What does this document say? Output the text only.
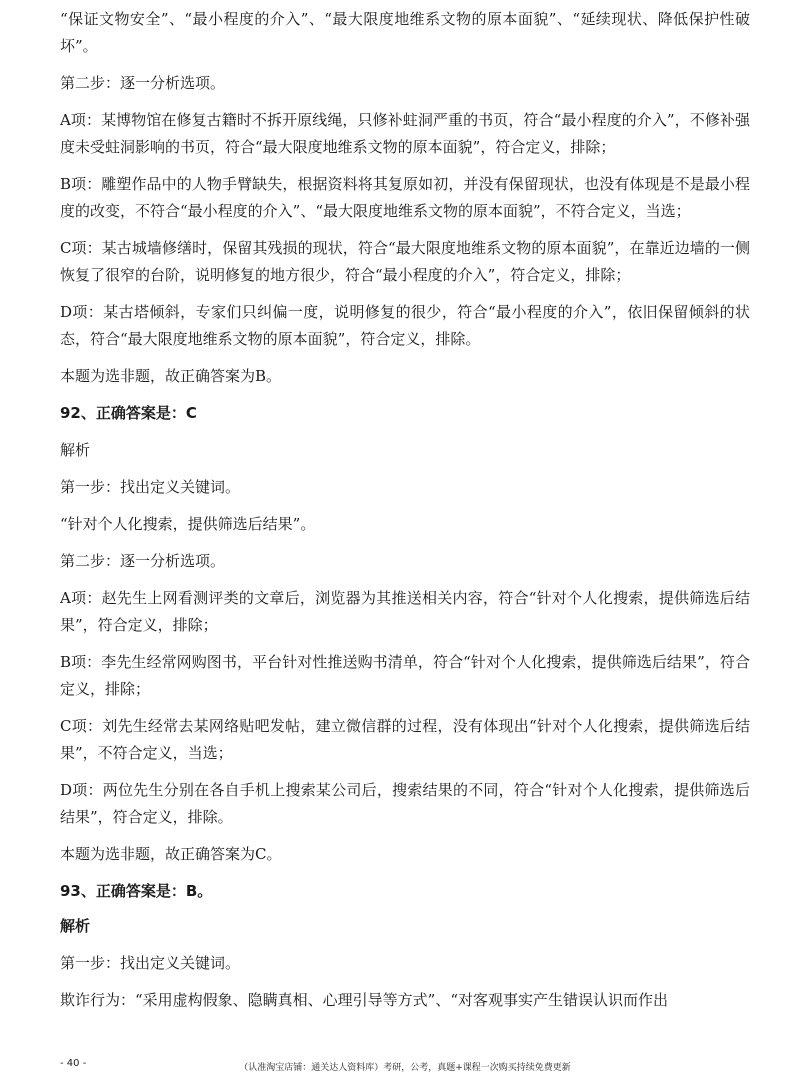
“保证文物安全”、“最小程度的介入”、“最大限度地维系文物的原本面貌”、“延续现状、降低保护性破坏”。

第二步：逐一分析选项。

A项：某博物馆在修复古籍时不拆开原线绳，只修补蛀洞严重的书页，符合“最小程度的介入”，不修补强度未受蛀洞影响的书页，符合“最大限度地维系文物的原本面貌”，符合定义，排除；

B项：雕塑作品中的人物手臂缺失，根据资料将其复原如初，并没有保留现状，也没有体现是不是最小程度的改变，不符合“最小程度的介入”、“最大限度地维系文物的原本面貌”，不符合定义，当选；

C项：某古城墙修缮时，保留其残损的现状，符合“最大限度地维系文物的原本面貌”，在靠近边墙的一侧恢复了很窄的台阶，说明修复的地方很少，符合“最小程度的介入”，符合定义，排除；

D项：某古塔倾斜，专家们只纠偏一度，说明修复的很少，符合“最小程度的介入”，依旧保留倾斜的状态，符合“最大限度地维系文物的原本面貌”，符合定义，排除。

本题为选非题，故正确答案为B。

92、正确答案是：C

解析

第一步：找出定义关键词。

“针对个人化搜索，提供筛选后结果”。

第二步：逐一分析选项。

A项：赵先生上网看测评类的文章后，浏览器为其推送相关内容，符合“针对个人化搜索，提供筛选后结果”，符合定义，排除；

B项：李先生经常网购图书，平台针对性推送购书清单，符合“针对个人化搜索，提供筛选后结果”，符合定义，排除；

C项：刘先生经常去某网络贴吧发帖，建立微信群的过程，没有体现出“针对个人化搜索，提供筛选后结果”，不符合定义，当选；

D项：两位先生分别在各自手机上搜索某公司后，搜索结果的不同，符合“针对个人化搜索，提供筛选后结果”，符合定义，排除。

本题为选非题，故正确答案为C。

93、正确答案是：B。

解析

第一步：找出定义关键词。

欺诈行为：“采用虚构假象、隐瞒真相、心理引导等方式”、“对客观事实产生错误认识而作出

- 40 -	（认准淘宝店铺：通关达人资料库）考研，公考，真题+课程一次购买持续免费更新
